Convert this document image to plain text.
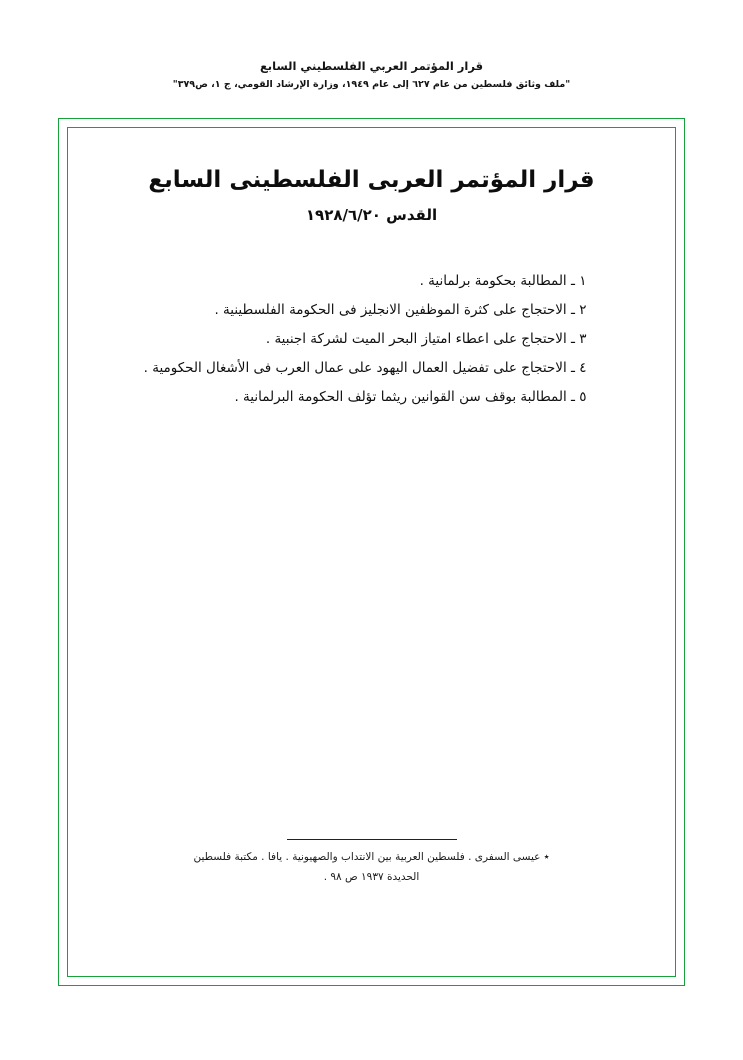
قرار المؤتمر العربي الفلسطيني السابع
"ملف وثائق فلسطين من عام ٦٢٧ إلى عام ١٩٤٩، وزارة الإرشاد القومي، ج ١، ص٣٧٩"
قرار المؤتمر العربى الفلسطينى السابع
القدس ١٩٢٨/٦/٢٠
١ ـ المطالبة بحكومة برلمانية .
٢ ـ الاحتجاج على كثرة الموظفين الانجليز فى الحكومة الفلسطينية .
٣ ـ الاحتجاج على اعطاء امتياز البحر الميت لشركة اجنبية .
٤ ـ الاحتجاج على تفضيل العمال اليهود على عمال العرب فى الأشغال الحكومية .
٥ ـ المطالبة بوقف سن القوانين ريثما تؤلف الحكومة البرلمانية .
٭ عيسى السفرى . فلسطين العربية بين الانتداب والصهيونية . يافا . مكتبة فلسطين
الحديدة ١٩٣٧ ص ٩٨ .
